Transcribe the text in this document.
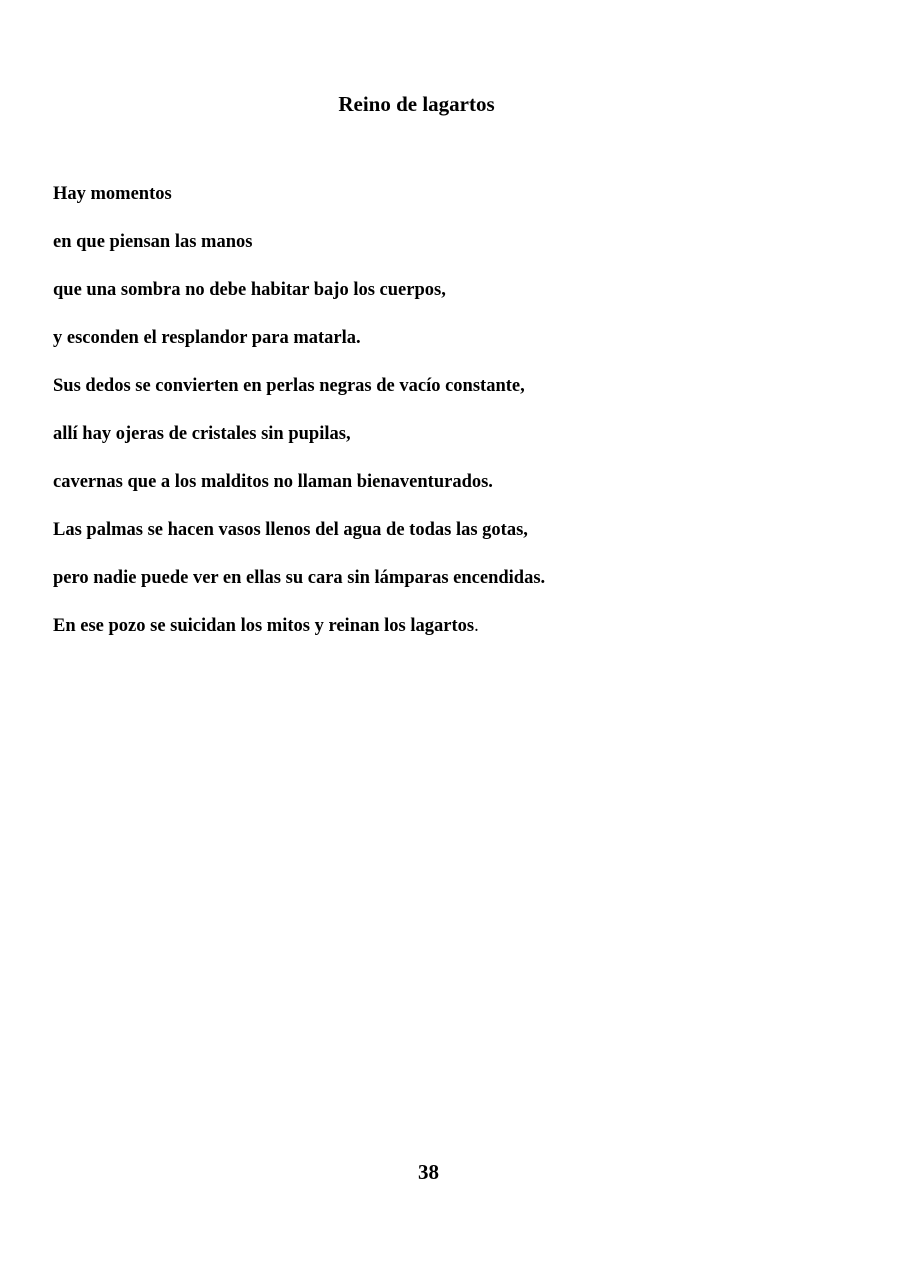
Reino de lagartos
Hay momentos
en que piensan las manos
que una sombra no debe habitar bajo los cuerpos,
y esconden el resplandor para matarla.
Sus dedos se convierten en perlas negras de vacío constante,
allí hay ojeras de cristales sin pupilas,
cavernas que a los malditos no llaman bienaventurados.
Las palmas se hacen vasos llenos del agua de todas las gotas,
pero nadie puede ver en ellas su cara sin lámparas encendidas.
En ese pozo se suicidan los mitos y reinan los lagartos.
38
